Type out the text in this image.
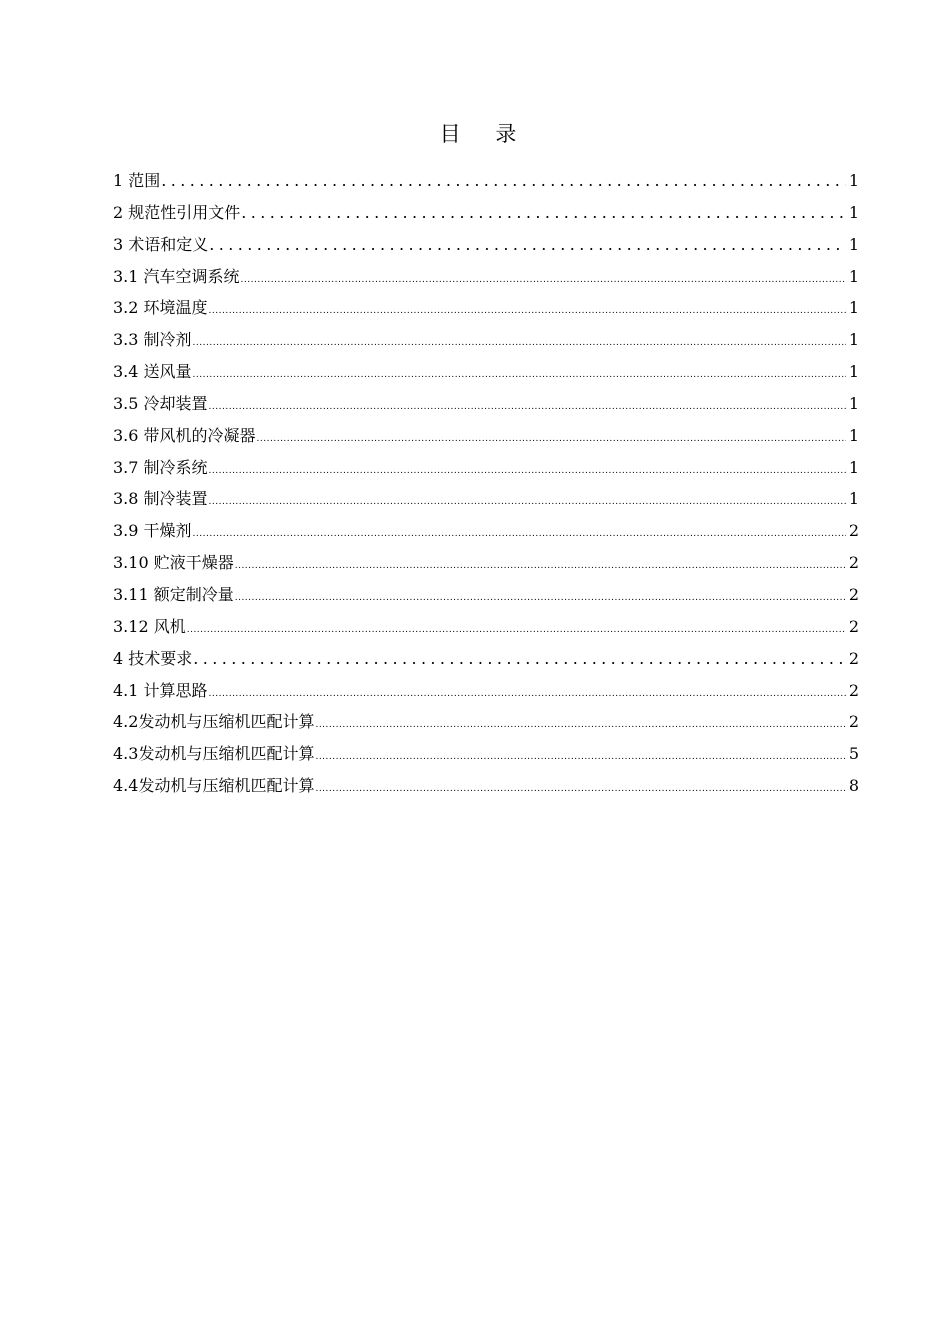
目 录
1 范围 .....	1
2 规范性引用文件 .....	1
3 术语和定义 .....	1
3.1 汽车空调系统 .....	1
3.2 环境温度 .....	1
3.3 制冷剂 .....	1
3.4 送风量 .....	1
3.5 冷却装置 .....	1
3.6 带风机的冷凝器 .....	1
3.7 制冷系统 .....	1
3.8 制冷装置 .....	1
3.9 干燥剂 .....	2
3.10 贮液干燥器 .....	2
3.11 额定制冷量 .....	2
3.12 风机 .....	2
4 技术要求 .....	2
4.1 计算思路 .....	2
4.2发动机与压缩机匹配计算 .....	2
4.3发动机与压缩机匹配计算 .....	5
4.4发动机与压缩机匹配计算 .....	8
